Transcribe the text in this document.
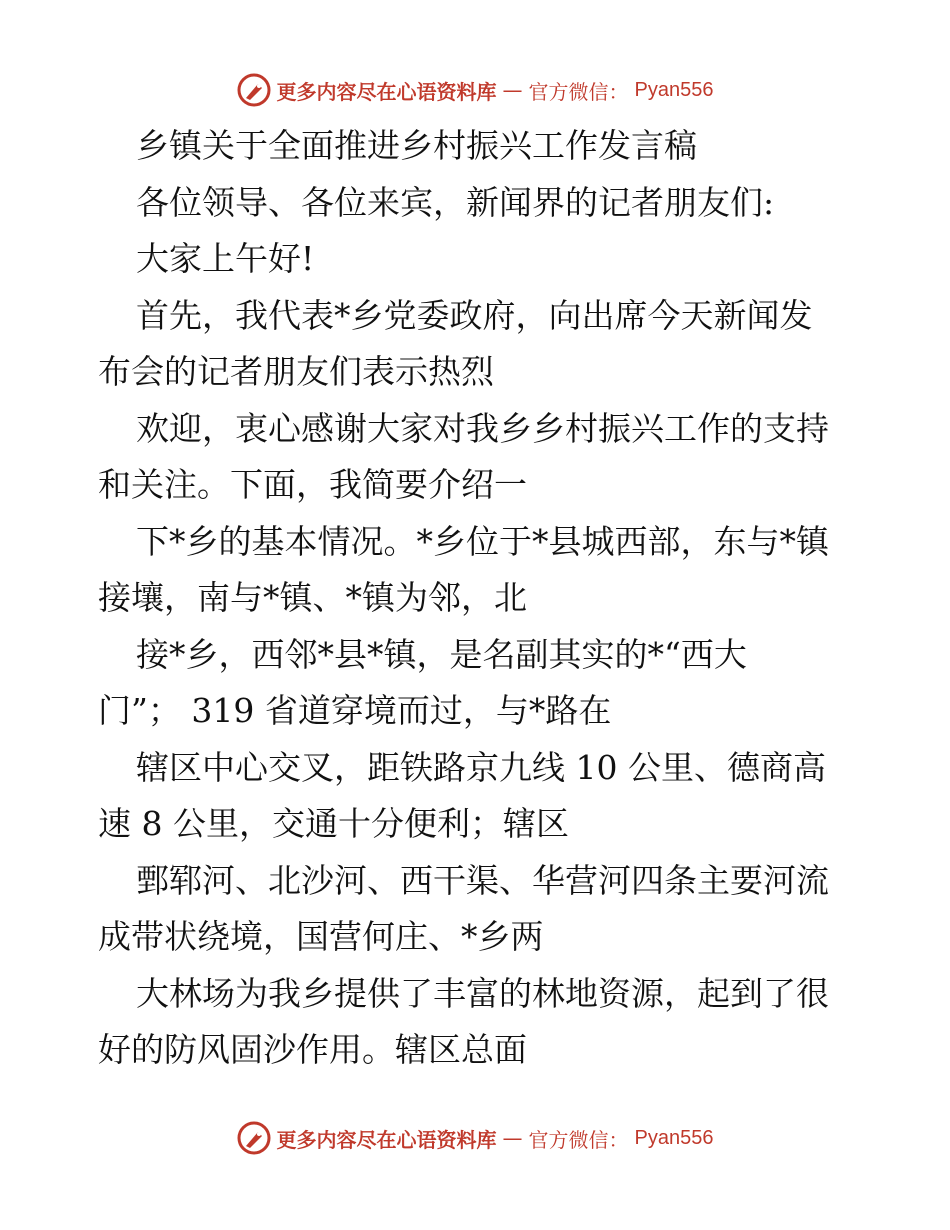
更多内容尽在心语资料库 — 官方微信： Pyan556
乡镇关于全面推进乡村振兴工作发言稿
各位领导、各位来宾，新闻界的记者朋友们:
大家上午好!
首先，我代表*乡党委政府，向出席今天新闻发
布会的记者朋友们表示热烈
欢迎，衷心感谢大家对我乡乡村振兴工作的支持
和关注。下面，我简要介绍一
下*乡的基本情况。*乡位于*县城西部，东与*镇
接壤，南与*镇、*镇为邻，北
接*乡，西邻*县*镇，是名副其实的*“西大
门”； 319 省道穿境而过，与*路在
辖区中心交叉，距铁路京九线 10 公里、德商高
速 8 公里，交通十分便利；辖区
鄄郓河、北沙河、西干渠、华营河四条主要河流
成带状绕境，国营何庄、*乡两
大林场为我乡提供了丰富的林地资源，起到了很
好的防风固沙作用。辖区总面
更多内容尽在心语资料库 — 官方微信： Pyan556
